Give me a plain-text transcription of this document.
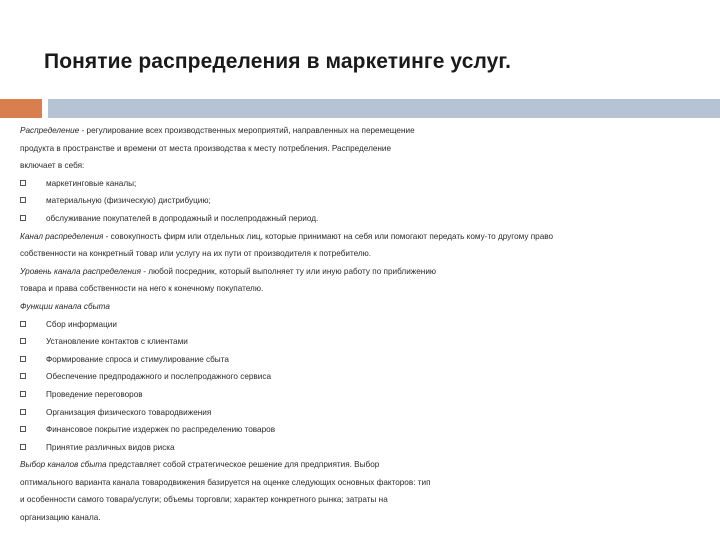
Понятие распределения в маркетинге услуг.
Распределение - регулирование всех производственных мероприятий, направленных на перемещение
продукта в пространстве и времени от места производства к месту потребления. Распределение
включает в себя:
маркетинговые каналы;
материальную (физическую) дистрибуцию;
обслуживание покупателей в допродажный и послепродажный период.
Канал распределения - совокупность фирм или отдельных лиц, которые принимают на себя или помогают передать кому-то другому право
собственности на конкретный товар или услугу на их пути от производителя к потребителю.
Уровень канала распределения - любой посредник, который выполняет ту или иную работу по приближению
товара и права собственности на него к конечному покупателю.
Функции канала сбыта
Сбор информации
Установление контактов с клиентами
Формирование спроса и стимулирование сбыта
Обеспечение предпродажного и послепродажного сервиса
Проведение переговоров
Организация физического товародвижения
Финансовое покрытие издержек по распределению товаров
Принятие различных видов риска
Выбор каналов сбыта представляет собой стратегическое решение для предприятия. Выбор
оптимального варианта канала товародвижения базируется на оценке следующих основных факторов: тип
и особенности самого товара/услуги; объемы торговли; характер конкретного рынка; затраты на
организацию канала.
